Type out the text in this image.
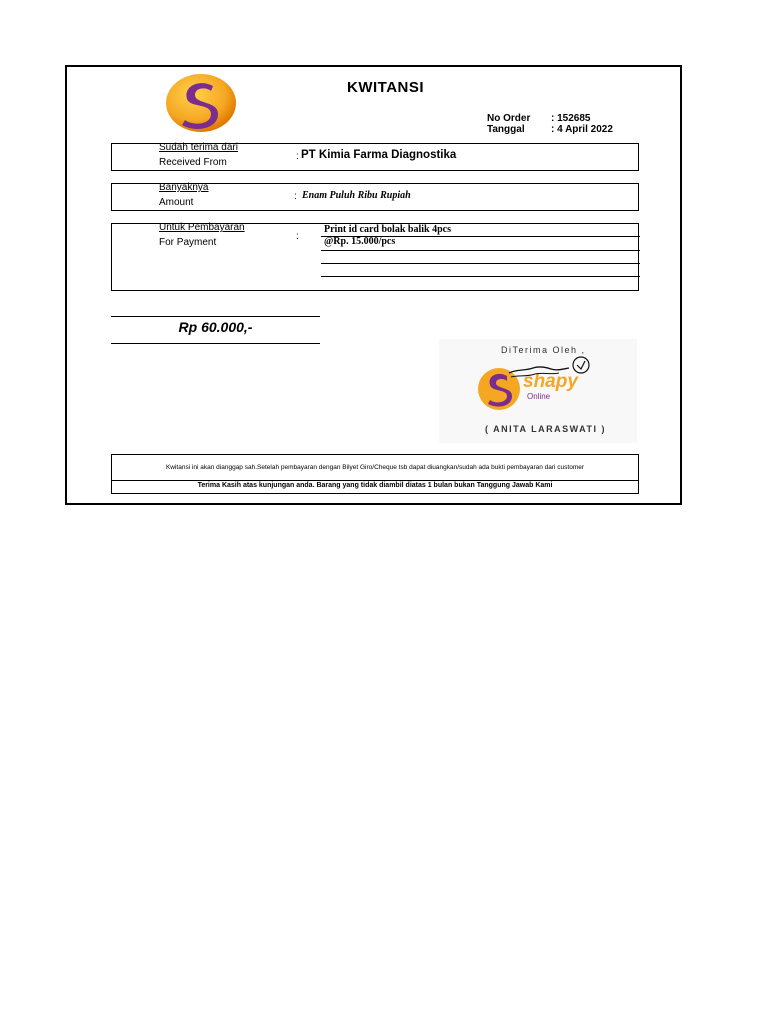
KWITANSI
No Order : 152685
Tanggal	: 4 April 2022
Sudah terima dari
Received From
: PT Kimia Farma Diagnostika
Banyaknya
Amount
: Enam Puluh Ribu Rupiah
Untuk Pembayaran
For Payment
:
Print id card bolak balik 4pcs
@Rp. 15.000/pcs
Rp 60.000,-
DiTerima Oleh ,
shapy
Online
( ANITA LARASWATI )
Kwitansi ini akan dianggap sah.Setelah pembayaran dengan Bilyet Giro/Cheque tsb dapat diuangkan/sudah ada bukti pembayaran dari customer
Terima Kasih atas kunjungan anda. Barang yang tidak diambil diatas 1 bulan bukan Tanggung Jawab Kami
